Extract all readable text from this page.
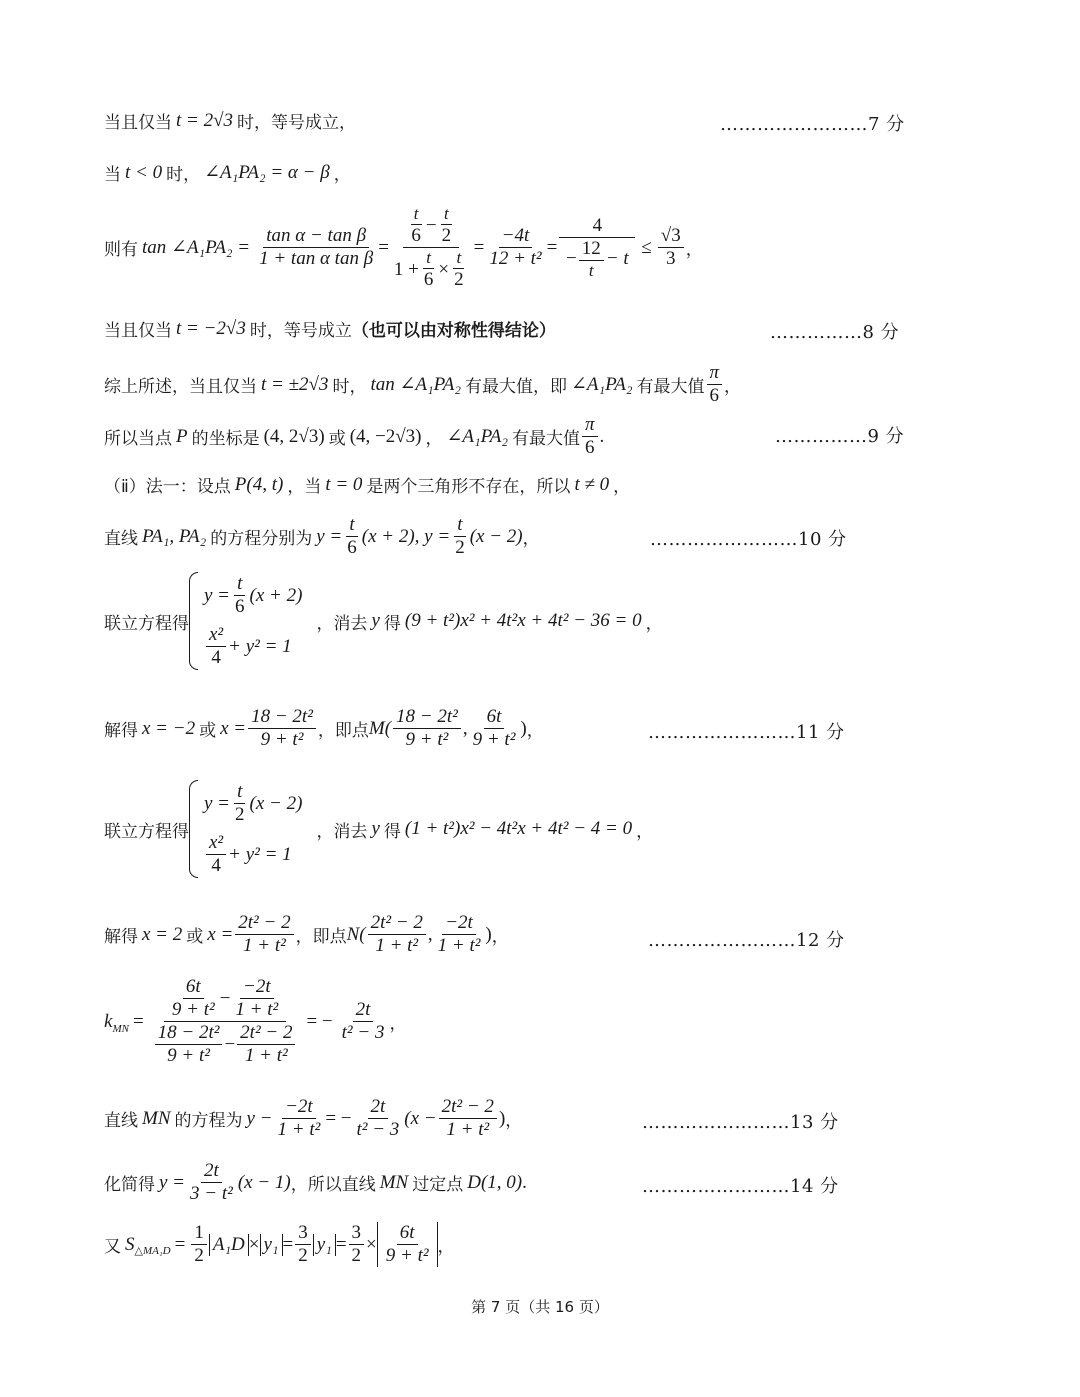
当且仅当 t = 2√3 时，等号成立，	……………………7 分
当 t < 0 时， ∠A₁PA₂ = α − β ，
则有 tan ∠A₁PA₂ = $\frac{\text{tan α − tan β}}{\text{1 + tan α tan β}} = \frac{\frac{t}{6} - \frac{t}{2}}{1 + \frac{t}{6} \times \frac{t}{2}} = \frac{-4t}{\text{12 + t²}} = \frac{4}{- \frac{12}{t} - t} \le \frac{√3}{3}$ ，
当且仅当 t = −2√3 时，等号成立 （也可以由对称性得结论）	……………8 分
综上所述，当且仅当 t = ±2√3 时， tan ∠A₁PA₂ 有最大值，即 ∠A₁PA₂ 有最大值 $\frac{\pi}{6}$ ，
所以当点 P 的坐标是 (4, 2√3) 或 (4, −2√3) ， ∠A₁PA₂ 有最大值 $\frac{\pi}{6}$ .	……………9 分
（ⅱ）法一：设点 P(4, t) ，当 t = 0 是两个三角形不存在，所以 t ≠ 0 ，
直线 PA₁, PA₂ 的方程分别为 $y = \frac{t}{6} (x + 2)$, $y = \frac{t}{2} (x - 2)$ ，	……………………10 分
联立方程得
$y = \frac{t}{6} (x + 2)$
$\frac{\text{x²}}{4} + y^2 = 1$
，消去 y 得 (9 + t²)x² + 4t²x + 4t² − 36 = 0 ，
解得 x = −2 或 $x = \frac{\text{18 − 2t²}}{\text{9 + t²}}$ ，即点 $M( \frac{\text{18 − 2t²}}{\text{9 + t²}}$ , $\frac{6t}{\text{9 + t²}}$ ) ，	……………………11 分
联立方程得
$y = \frac{t}{2} (x - 2)$
$\frac{\text{x²}}{4} + y^2 = 1$
，消去 y 得 (1 + t²)x² − 4t²x + 4t² − 4 = 0 ，
解得 x = 2 或 $x = \frac{\text{2t² − 2}}{\text{1 + t²}}$ ，即点 $N( \frac{\text{2t² − 2}}{\text{1 + t²}}$ , $\frac{-2t}{\text{1 + t²}}$ ) ，	……………………12 分
k MN = $\frac{\frac{6t}{\text{9 + t²}} - \frac{-2t}{\text{1 + t²}}}{\frac{\text{18 − 2t²}}{\text{9 + t²}} - \frac{\text{2t² − 2}}{\text{1 + t²}}}$ = − $\frac{2t}{\text{t² − 3}}$ ，
直线 MN 的方程为 $y - \frac{-2t}{\text{1 + t²}}$ = − $\frac{2t}{\text{t² − 3}} (x - \frac{\text{2t² − 2}}{\text{1 + t²}}$ ) ，	……………………13 分
化简得 $y = \frac{2t}{\text{3 − t²}} (x - 1)$ ，所以直线 MN 过定点 D(1, 0) .	……………………14 分
又 S △MA₁D = $\frac{1}{2} A_1D \times y_1 = \frac{3}{2} y_1 = \frac{3}{2} \times \frac{6t}{\text{9 + t²}}$ ，
第 7 页（共 16 页）
